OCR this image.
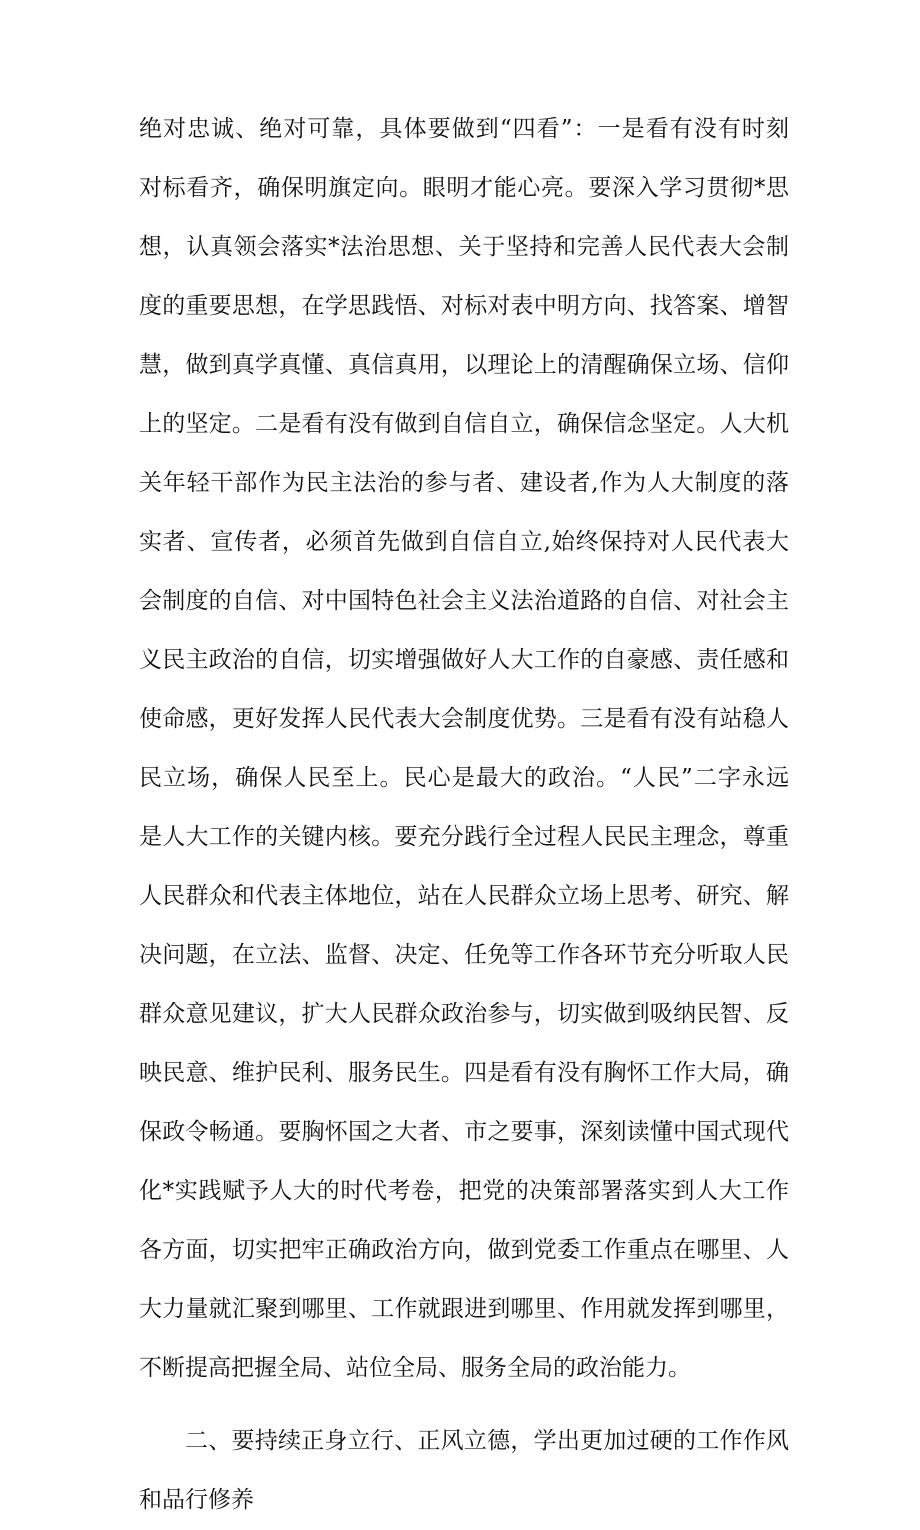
绝对忠诚、绝对可靠，具体要做到“四看”：一是看有没有时刻
对标看齐，确保明旗定向。眼明才能心亮。要深入学习贯彻*思
想，认真领会落实*法治思想、关于坚持和完善人民代表大会制
度的重要思想，在学思践悟、对标对表中明方向、找答案、增智
慧，做到真学真懂、真信真用，以理论上的清醒确保立场、信仰
上的坚定。二是看有没有做到自信自立，确保信念坚定。人大机
关年轻干部作为民主法治的参与者、建设者,作为人大制度的落
实者、宣传者，必须首先做到自信自立,始终保持对人民代表大
会制度的自信、对中国特色社会主义法治道路的自信、对社会主
义民主政治的自信，切实增强做好人大工作的自豪感、责任感和
使命感，更好发挥人民代表大会制度优势。三是看有没有站稳人
民立场，确保人民至上。民心是最大的政治。“人民”二字永远
是人大工作的关键内核。要充分践行全过程人民民主理念，尊重
人民群众和代表主体地位，站在人民群众立场上思考、研究、解
决问题，在立法、监督、决定、任免等工作各环节充分听取人民
群众意见建议，扩大人民群众政治参与，切实做到吸纳民智、反
映民意、维护民利、服务民生。四是看有没有胸怀工作大局，确
保政令畅通。要胸怀国之大者、市之要事，深刻读懂中国式现代
化*实践赋予人大的时代考卷，把党的决策部署落实到人大工作
各方面，切实把牢正确政治方向，做到党委工作重点在哪里、人
大力量就汇聚到哪里、工作就跟进到哪里、作用就发挥到哪里，
不断提高把握全局、站位全局、服务全局的政治能力。
二、要持续正身立行、正风立德，学出更加过硬的工作作风
和品行修养
